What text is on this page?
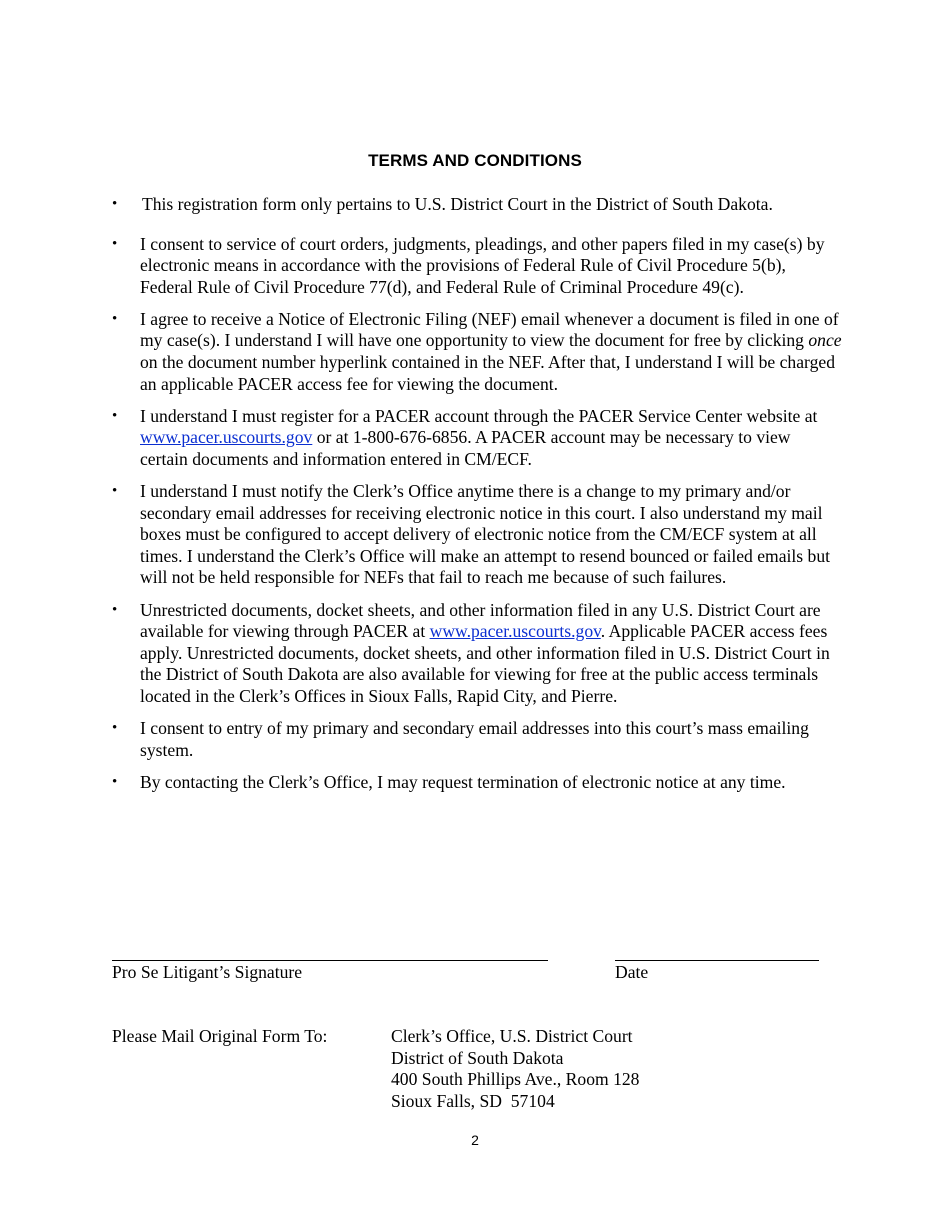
TERMS AND CONDITIONS
• This registration form only pertains to U.S. District Court in the District of South Dakota.
• I consent to service of court orders, judgments, pleadings, and other papers filed in my case(s) by electronic means in accordance with the provisions of Federal Rule of Civil Procedure 5(b), Federal Rule of Civil Procedure 77(d), and Federal Rule of Criminal Procedure 49(c).
• I agree to receive a Notice of Electronic Filing (NEF) email whenever a document is filed in one of my case(s). I understand I will have one opportunity to view the document for free by clicking once on the document number hyperlink contained in the NEF. After that, I understand I will be charged an applicable PACER access fee for viewing the document.
• I understand I must register for a PACER account through the PACER Service Center website at www.pacer.uscourts.gov or at 1-800-676-6856. A PACER account may be necessary to view certain documents and information entered in CM/ECF.
• I understand I must notify the Clerk’s Office anytime there is a change to my primary and/or secondary email addresses for receiving electronic notice in this court. I also understand my mail boxes must be configured to accept delivery of electronic notice from the CM/ECF system at all times. I understand the Clerk’s Office will make an attempt to resend bounced or failed emails but will not be held responsible for NEFs that fail to reach me because of such failures.
• Unrestricted documents, docket sheets, and other information filed in any U.S. District Court are available for viewing through PACER at www.pacer.uscourts.gov. Applicable PACER access fees apply. Unrestricted documents, docket sheets, and other information filed in U.S. District Court in the District of South Dakota are also available for viewing for free at the public access terminals located in the Clerk’s Offices in Sioux Falls, Rapid City, and Pierre.
• I consent to entry of my primary and secondary email addresses into this court’s mass emailing system.
• By contacting the Clerk’s Office, I may request termination of electronic notice at any time.
Pro Se Litigant’s Signature	Date
Please Mail Original Form To:	Clerk’s Office, U.S. District Court
District of South Dakota
400 South Phillips Ave., Room 128
Sioux Falls, SD  57104
2
